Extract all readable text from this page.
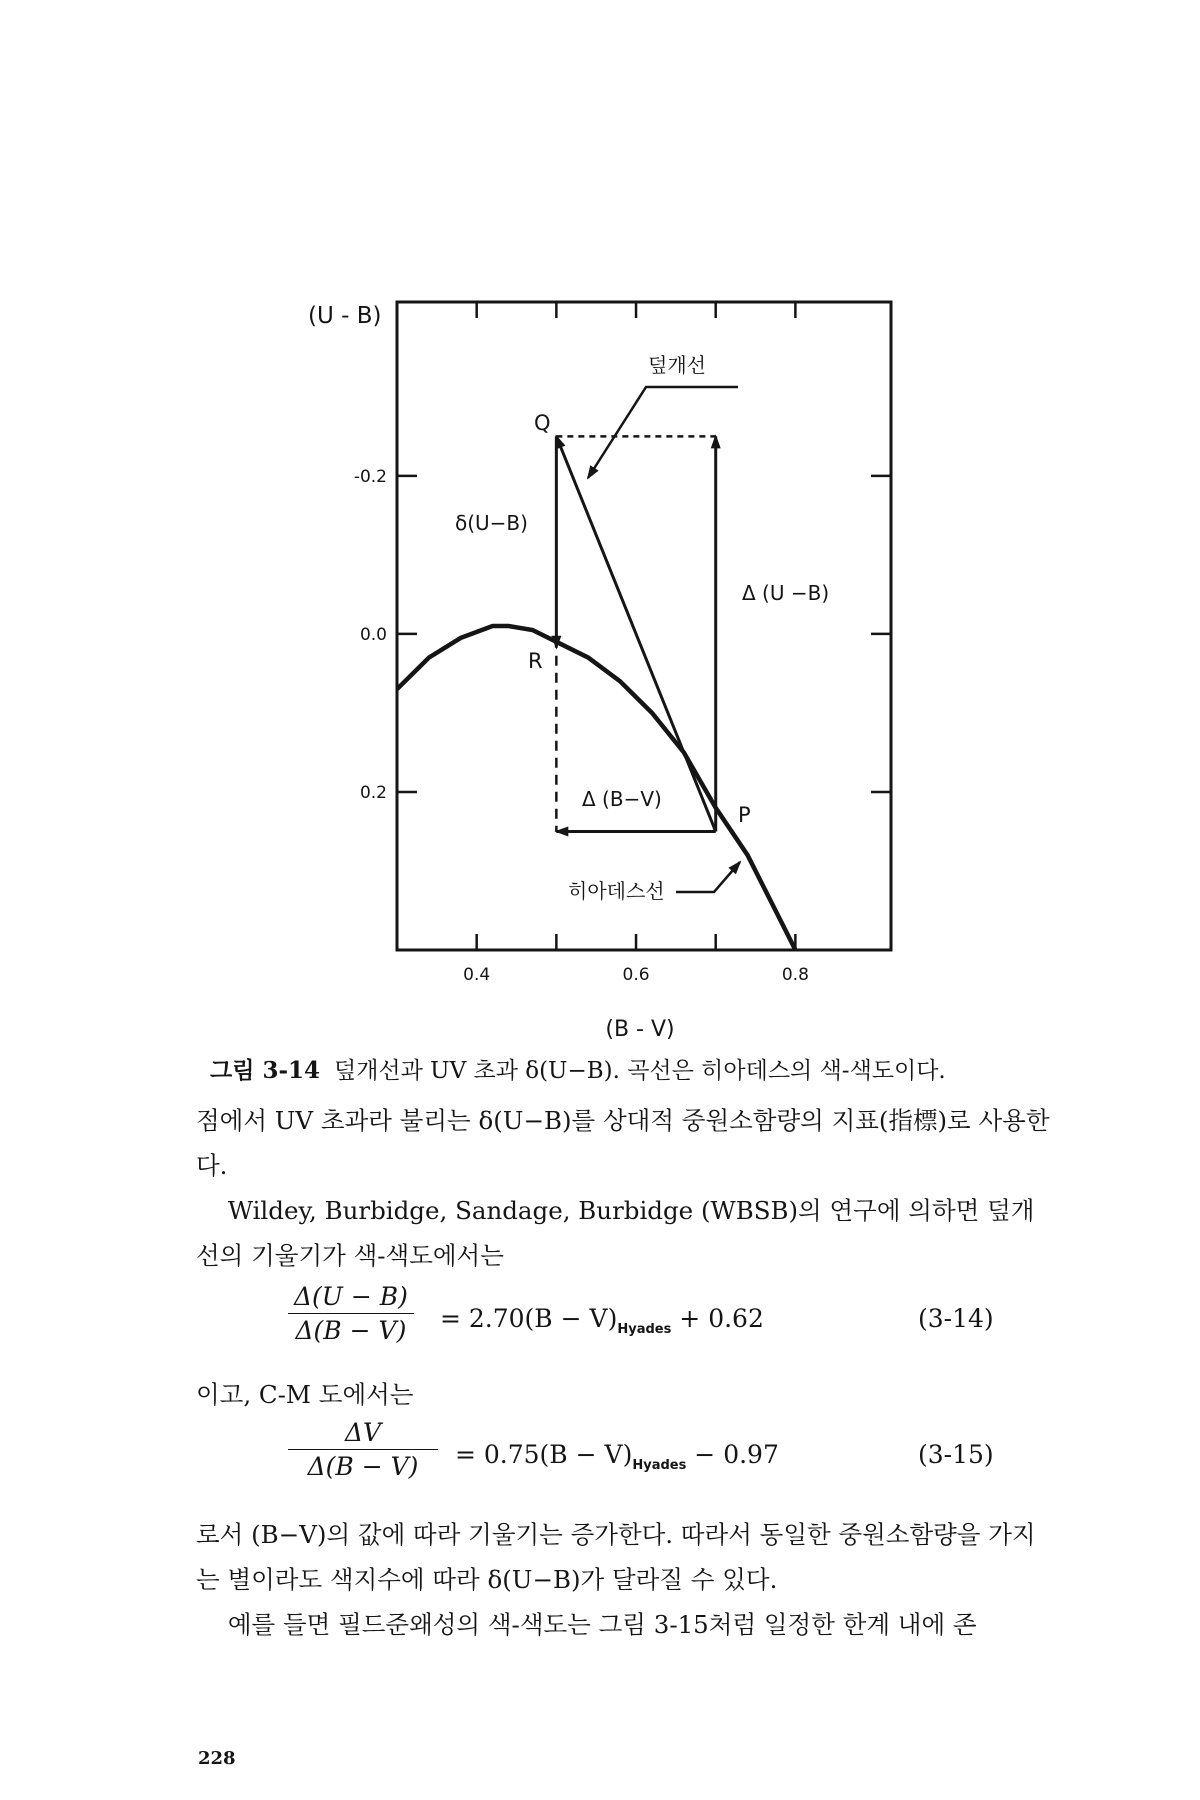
0.4	0.6	0.8
-0.2
0.0
0.2
덮개선
Q
δ(U−B)
Δ (U −B)
R
Δ (B−V)
P
히아데스선
(U - B)
(B - V)
그림 3-14 덮개선과 UV 초과 δ(U−B). 곡선은 히아데스의 색-색도이다.

점에서 UV 초과라 불리는 δ(U−B)를 상대적 중원소함량의 지표(指標)로 사용한다.

Wildey, Burbidge, Sandage, Burbidge (WBSB)의 연구에 의하면 덮개선의 기울기가 색-색도에서는

$\frac{\Delta(U - B)}{\Delta(B - V)} = 2.70(B - V)_{Hyades} + 0.62$	(3-14)

이고, C-M 도에서는

$\frac{\Delta V}{\Delta(B - V)} = 0.75(B - V)_{Hyades} - 0.97$	(3-15)

로서 (B−V)의 값에 따라 기울기는 증가한다. 따라서 동일한 중원소함량을 가지는 별이라도 색지수에 따라 δ(U−B)가 달라질 수 있다.

예를 들면 필드준왜성의 색-색도는 그림 3-15처럼 일정한 한계 내에 존

228
